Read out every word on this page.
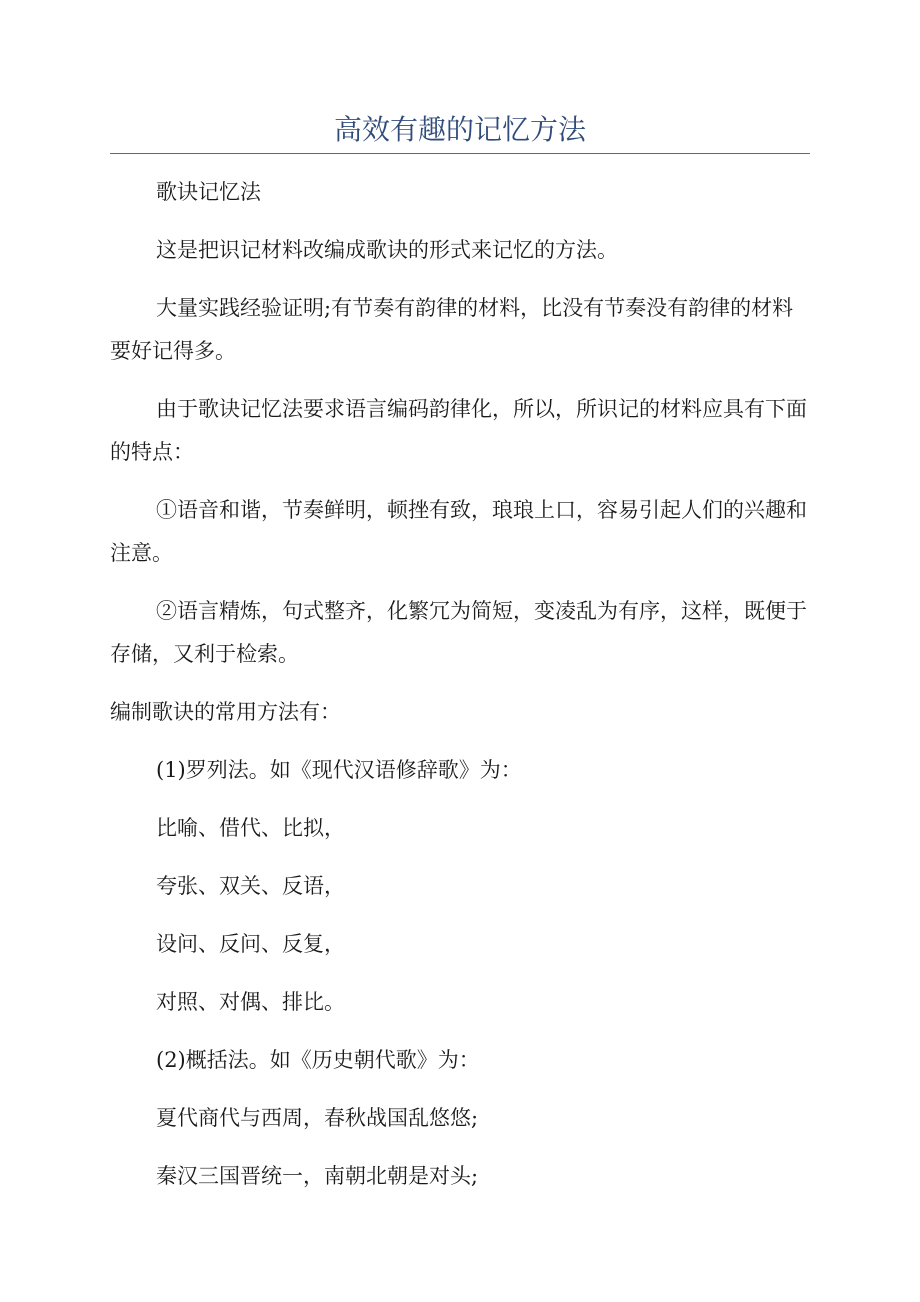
高效有趣的记忆方法

歌诀记忆法

这是把识记材料改编成歌诀的形式来记忆的方法。

大量实践经验证明;有节奏有韵律的材料，比没有节奏没有韵律的材料要好记得多。

由于歌诀记忆法要求语言编码韵律化，所以，所识记的材料应具有下面的特点：

①语音和谐，节奏鲜明，顿挫有致，琅琅上口，容易引起人们的兴趣和注意。

②语言精炼，句式整齐，化繁冗为简短，变凌乱为有序，这样，既便于存储，又利于检索。

编制歌诀的常用方法有：

(1)罗列法。如《现代汉语修辞歌》为：

比喻、借代、比拟，

夸张、双关、反语，

设问、反问、反复，

对照、对偶、排比。

(2)概括法。如《历史朝代歌》为：

夏代商代与西周，春秋战国乱悠悠;

秦汉三国晋统一，南朝北朝是对头;
